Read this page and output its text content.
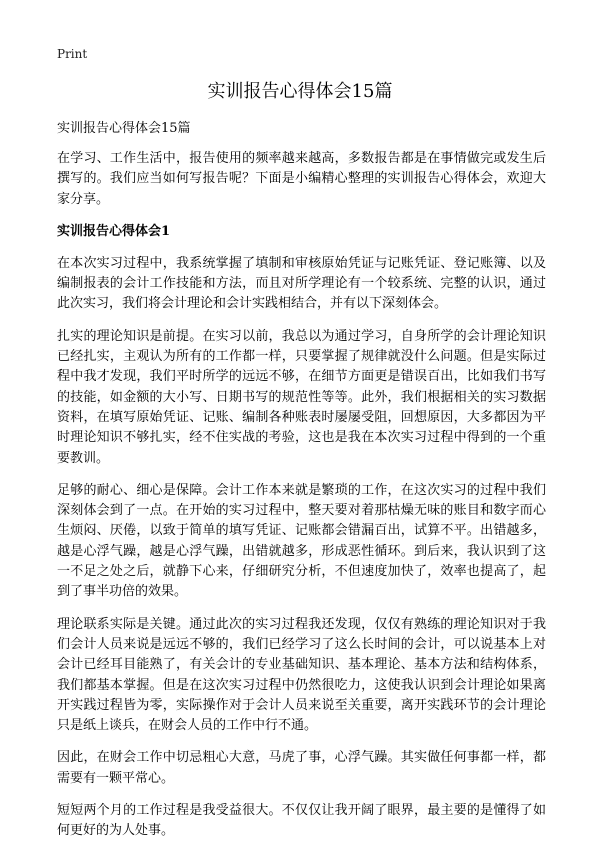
Print
实训报告心得体会15篇

实训报告心得体会15篇

在学习、工作生活中，报告使用的频率越来越高，多数报告都是在事情做完或发生后撰写的。我们应当如何写报告呢？下面是小编精心整理的实训报告心得体会，欢迎大家分享。

实训报告心得体会1

在本次实习过程中，我系统掌握了填制和审核原始凭证与记账凭证、登记账簿、以及编制报表的会计工作技能和方法，而且对所学理论有一个较系统、完整的认识，通过此次实习，我们将会计理论和会计实践相结合，并有以下深刻体会。

扎实的理论知识是前提。在实习以前，我总以为通过学习，自身所学的会计理论知识已经扎实，主观认为所有的工作都一样，只要掌握了规律就没什么问题。但是实际过程中我才发现，我们平时所学的远远不够，在细节方面更是错误百出，比如我们书写的技能，如金额的大小写、日期书写的规范性等等。此外，我们根据相关的实习数据资料，在填写原始凭证、记账、编制各种账表时屡屡受阻，回想原因，大多都因为平时理论知识不够扎实，经不住实战的考验，这也是我在本次实习过程中得到的一个重要教训。

足够的耐心、细心是保障。会计工作本来就是繁琐的工作，在这次实习的过程中我们深刻体会到了一点。在开始的实习过程中，整天要对着那枯燥无味的账目和数字而心生烦闷、厌倦，以致于简单的填写凭证、记账都会错漏百出，试算不平。出错越多，越是心浮气躁，越是心浮气躁，出错就越多，形成恶性循环。到后来，我认识到了这一不足之处之后，就静下心来，仔细研究分析，不但速度加快了，效率也提高了，起到了事半功倍的效果。

理论联系实际是关键。通过此次的实习过程我还发现，仅仅有熟练的理论知识对于我们会计人员来说是远远不够的，我们已经学习了这么长时间的会计，可以说基本上对会计已经耳目能熟了，有关会计的专业基础知识、基本理论、基本方法和结构体系，我们都基本掌握。但是在这次实习过程中仍然很吃力，这使我认识到会计理论如果离开实践过程皆为零，实际操作对于会计人员来说至关重要，离开实践环节的会计理论只是纸上谈兵，在财会人员的工作中行不通。

因此，在财会工作中切忌粗心大意，马虎了事，心浮气躁。其实做任何事都一样，都需要有一颗平常心。

短短两个月的工作过程是我受益很大。不仅仅让我开阔了眼界，最主要的是懂得了如何更好的为人处事。
